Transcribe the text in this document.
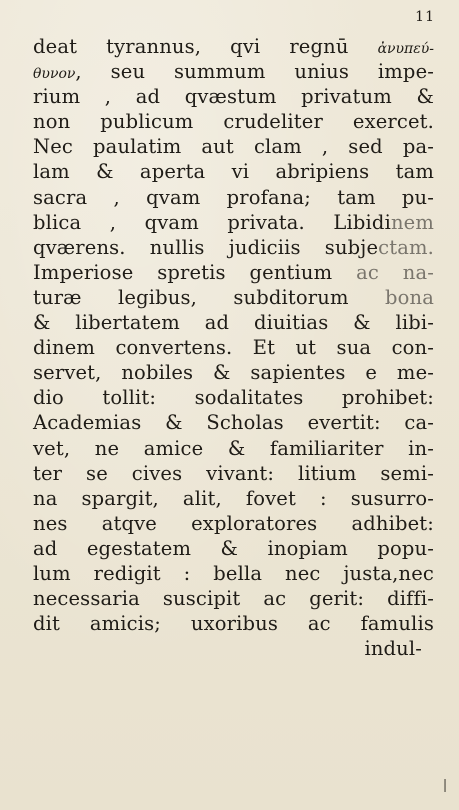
11
deat tyrannus, qvi regnū ἀνυπεύ-
θυνον, seu summum unius impe-
rium , ad qvæstum privatum &
non publicum crudeliter exercet.
Nec paulatim aut clam , sed pa-
lam & aperta vi abripiens tam
sacra , qvam profana; tam pu-
blica , qvam privata. Libidinem
qværens. nullis judiciis subjectam.
Imperiose spretis gentium ac na-
turæ legibus, subditorum bona
& libertatem ad diuitias & libi-
dinem convertens. Et ut sua con-
servet, nobiles & sapientes e me-
dio tollit: sodalitates prohibet:
Academias & Scholas evertit: ca-
vet, ne amice & familiariter in-
ter se cives vivant: litium semi-
na spargit, alit, fovet : susurro-
nes atqve exploratores adhibet:
ad egestatem & inopiam popu-
lum redigit : bella nec justa,nec
necessaria suscipit ac gerit: diffi-
dit amicis; uxoribus ac famulis
indul-
ǀ
